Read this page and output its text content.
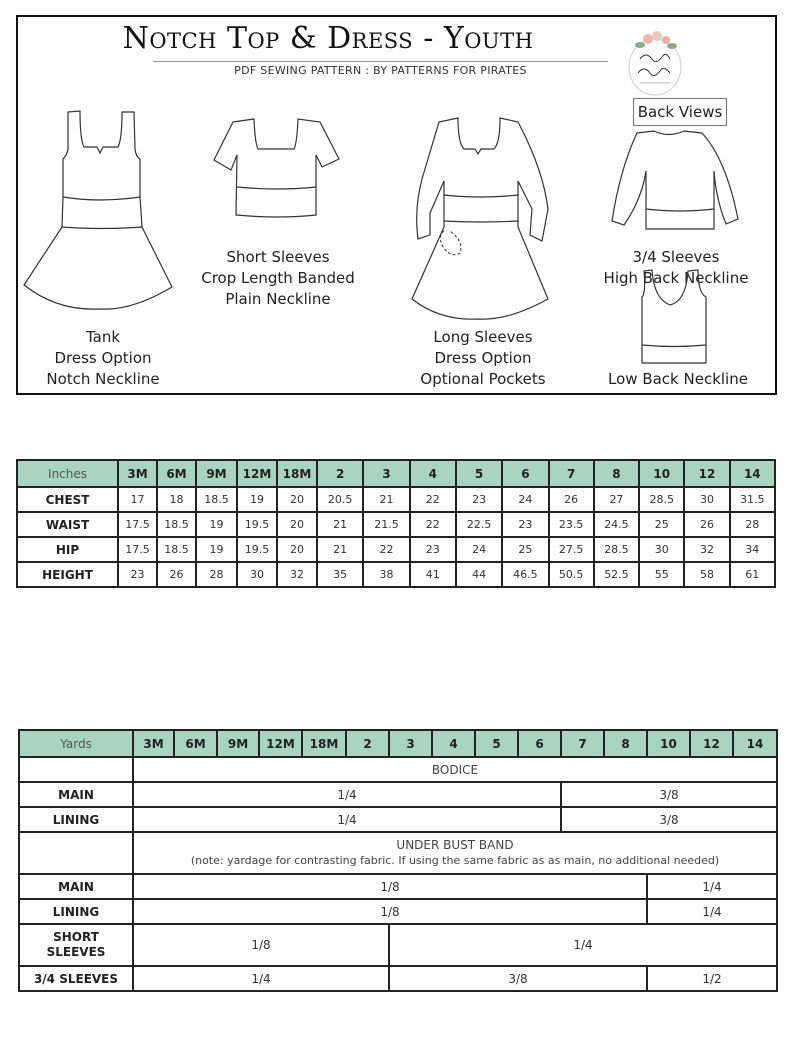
Notch Top & Dress - Youth
PDF SEWING PATTERN : BY PATTERNS FOR PIRATES
Back Views
Tank
Dress Option
Notch Neckline
Short Sleeves
Crop Length Banded
Plain Neckline
Long Sleeves
Dress Option
Optional Pockets
3/4 Sleeves
High Back Neckline
Low Back Neckline
Inches	3M	6M	9M	12M	18M	2	3	4	5	6	7	8	10	12	14
CHEST	17	18	18.5	19	20	20.5	21	22	23	24	26	27	28.5	30	31.5
WAIST	17.5	18.5	19	19.5	20	21	21.5	22	22.5	23	23.5	24.5	25	26	28
HIP	17.5	18.5	19	19.5	20	21	22	23	24	25	27.5	28.5	30	32	34
HEIGHT	23	26	28	30	32	35	38	41	44	46.5	50.5	52.5	55	58	61
Yards	3M	6M	9M	12M	18M	2	3	4	5	6	7	8	10	12	14
	BODICE														
MAIN	1/4										3/8				
LINING	1/4										3/8				

	UNDER BUST BAND
(note: yardage for contrasting fabric. If using the same fabric as as main, no additional needed)														

MAIN	1/8												1/4		
LINING	1/8												1/4		

SHORT
SLEEVES	1/8						1/4								
3/4 SLEEVES	1/4						3/8						1/2		
